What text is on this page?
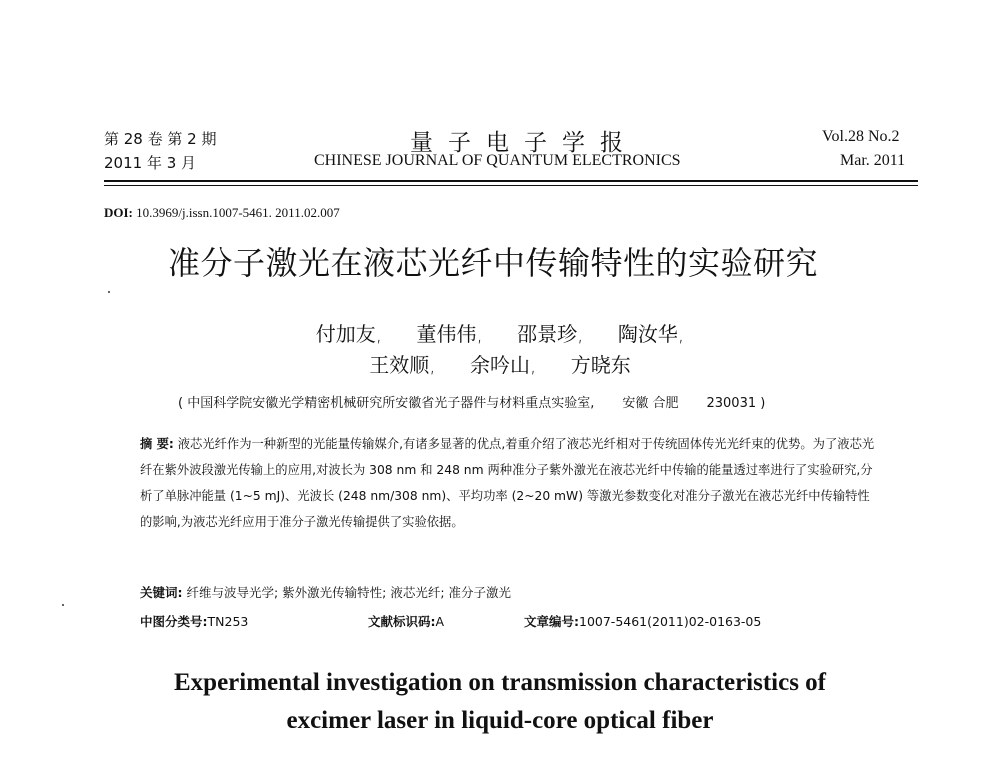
第 28 卷 第 2 期
2011 年 3 月
量子电子学报
CHINESE JOURNAL OF QUANTUM ELECTRONICS
Vol.28 No.2
Mar. 2011
DOI: 10.3969/j.issn.1007-5461. 2011.02.007
准分子激光在液芯光纤中传输特性的实验研究
付加友, 董伟伟, 邵景珍, 陶汝华,
王效顺, 余吟山, 方晓东
( 中国科学院安徽光学精密机械研究所安徽省光子器件与材料重点实验室, 安徽 合肥 230031 )
摘 要: 液芯光纤作为一种新型的光能量传输媒介,有诸多显著的优点,着重介绍了液芯光纤相对于传统固体传光光纤束的优势。为了液芯光纤在紫外波段激光传输上的应用,对波长为 308 nm 和 248 nm 两种准分子紫外激光在液芯光纤中传输的能量透过率进行了实验研究,分析了单脉冲能量 (1~5 mJ)、光波长 (248 nm/308 nm)、平均功率 (2~20 mW) 等激光参数变化对准分子激光在液芯光纤中传输特性的影响,为液芯光纤应用于准分子激光传输提供了实验依据。
关键词: 纤维与波导光学; 紫外激光传输特性; 液芯光纤; 准分子激光
中图分类号:TN253	文献标识码:A	文章编号:1007-5461(2011)02-0163-05
Experimental investigation on transmission characteristics of
excimer laser in liquid-core optical fiber
